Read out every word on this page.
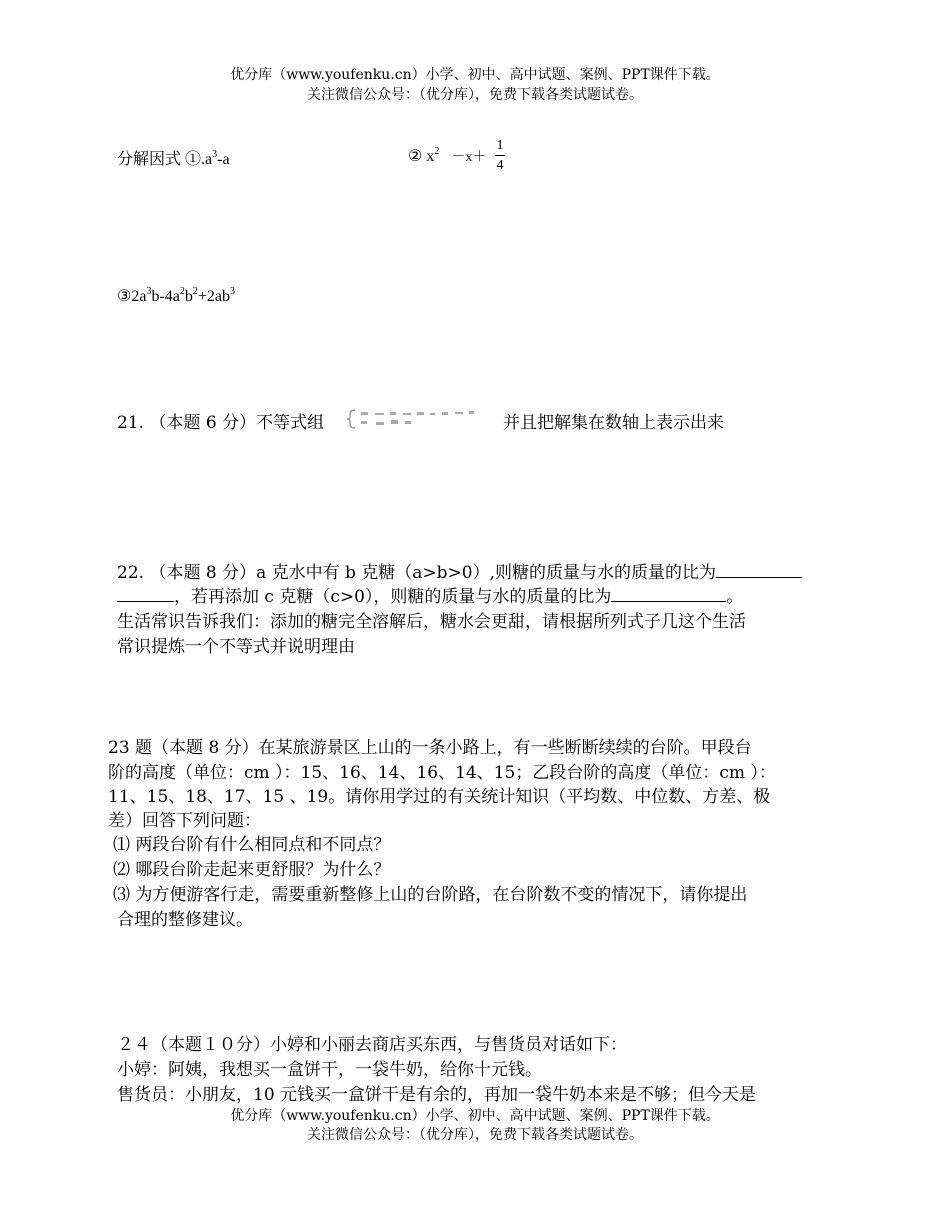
优分库（www.youfenku.cn）小学、初中、高中试题、案例、PPT课件下载。
关注微信公众号：（优分库），免费下载各类试题试卷。
分解因式 $①.a^3-a$	② $x^2 -x+$
1
4
$③2a^3b-4a^2b^2+2ab^3$
21. （本题 6 分）不等式组	并且把解集在数轴上表示出来
22. （本题 8 分）a 克水中有 b 克糖（a>b>0）,则糖的质量与水的质量的比为
，若再添加 c 克糖（c>0），则糖的质量与水的质量的比为	。
生活常识告诉我们：添加的糖完全溶解后，糖水会更甜，请根据所列式子几这个生活
常识提炼一个不等式并说明理由
23 题（本题 8 分）在某旅游景区上山的一条小路上，有一些断断续续的台阶。甲段台
阶的高度（单位：cm ）：15、16、14、16、14、15；乙段台阶的高度（单位：cm ）：
11、15、18、17、15 、19。请你用学过的有关统计知识（平均数、中位数、方差、极
差）回答下列问题：
⑴ 两段台阶有什么相同点和不同点？
⑵ 哪段台阶走起来更舒服？为什么？
⑶ 为方便游客行走，需要重新整修上山的台阶路，在台阶数不变的情况下，请你提出
合理的整修建议。
２４（本题１０分）小婷和小丽去商店买东西，与售货员对话如下：
小婷：阿姨，我想买一盒饼干，一袋牛奶，给你十元钱。
售货员：小朋友，10 元钱买一盒饼干是有余的，再加一袋牛奶本来是不够；但今天是
优分库（www.youfenku.cn）小学、初中、高中试题、案例、PPT课件下载。
关注微信公众号：（优分库），免费下载各类试题试卷。
